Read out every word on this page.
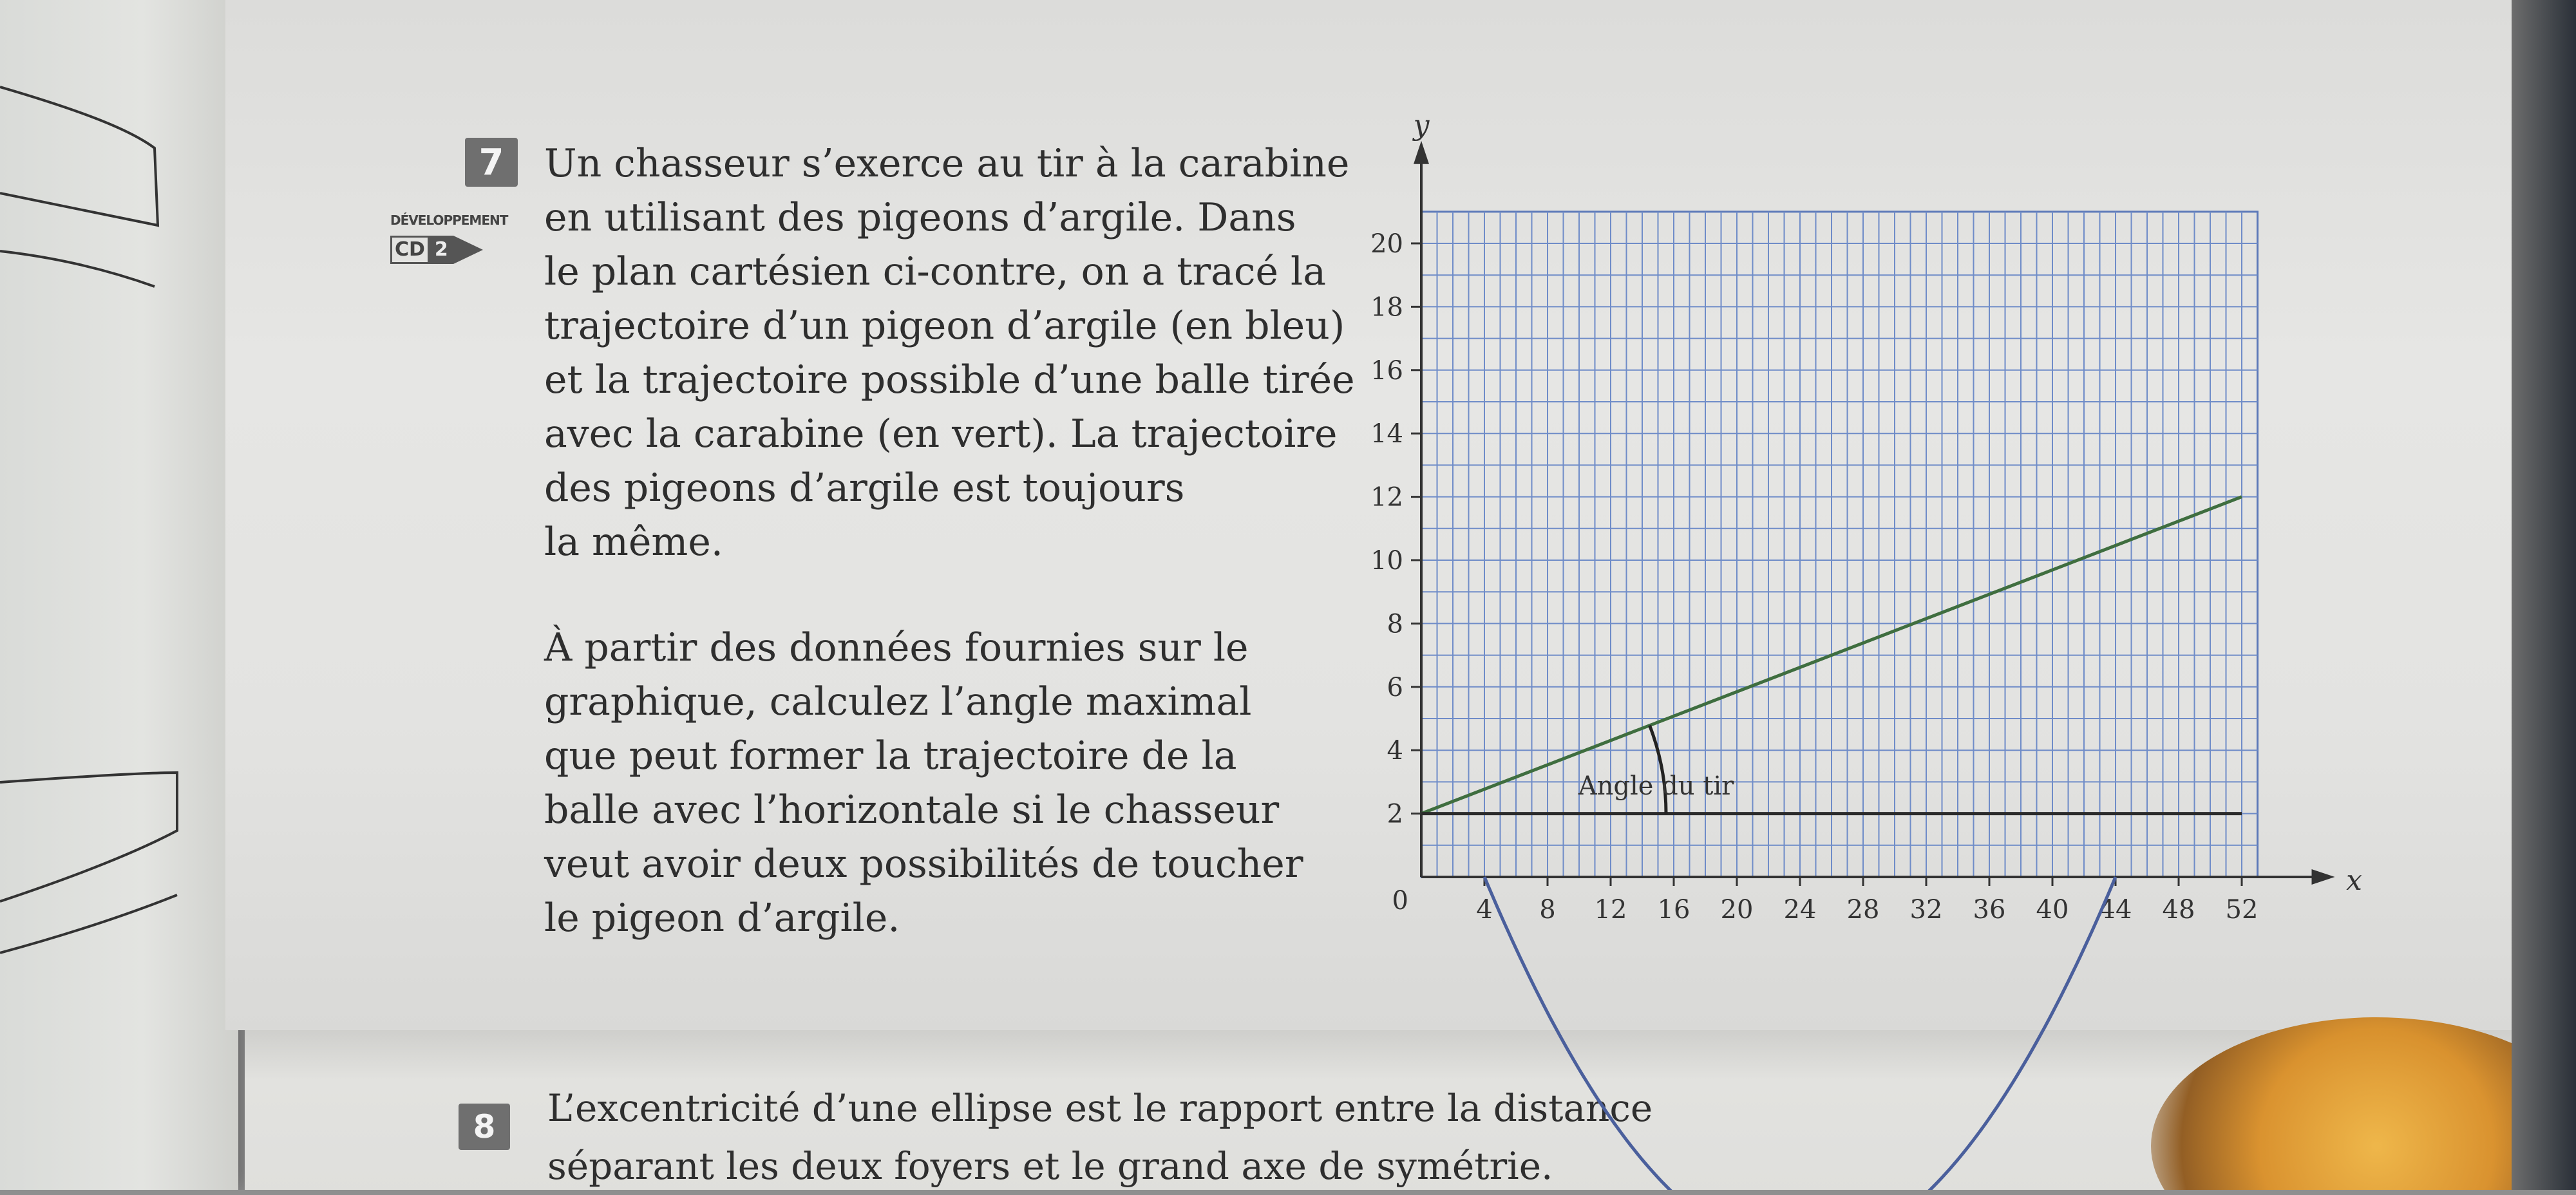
7
DÉVELOPPEMENT
CD 2
Un chasseur s’exerce au tir à la carabine
en utilisant des pigeons d’argile. Dans
le plan cartésien ci-contre, on a tracé la
trajectoire d’un pigeon d’argile (en bleu)
et la trajectoire possible d’une balle tirée
avec la carabine (en vert). La trajectoire
des pigeons d’argile est toujours
la même.
À partir des données fournies sur le
graphique, calculez l’angle maximal
que peut former la trajectoire de la
balle avec l’horizontale si le chasseur
veut avoir deux possibilités de toucher
le pigeon d’argile.
8 L’excentricité d’une ellipse est le rapport entre la distance
séparant les deux foyers et le grand axe de symétrie.
4 8 12 16 20 24 28 32 36 40 44 48 52
2
4
6
8
10
12
14
16
18
20
0
x
y
Angle du tir
